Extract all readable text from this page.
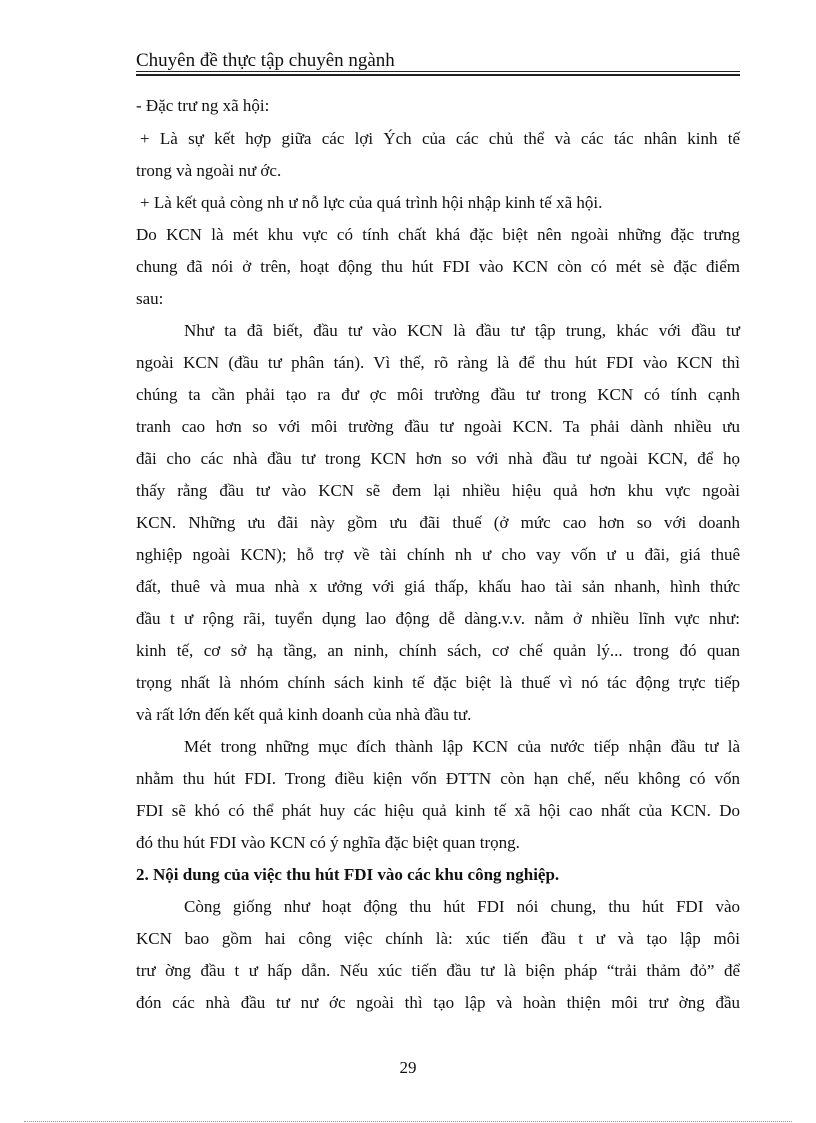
Chuyên đề thực tập chuyên ngành
- Đặc trư ng xã hội:
+ Là sự kết hợp giữa các lợi Ých của các chủ thể và các tác nhân kinh tế
trong và ngoài nư ớc.
+ Là kết quả còng nh ư nỗ lực của quá trình hội nhập kinh tế xã hội.
Do KCN là mét khu vực có tính chất khá đặc biệt nên ngoài những đặc trưng
chung đã nói ở trên, hoạt động thu hút FDI vào KCN còn có mét sè đặc điểm
sau:
Như ta đã biết, đầu tư vào KCN là đầu tư tập trung, khác với đầu tư
ngoài KCN (đầu tư phân tán). Vì thế, rõ ràng là để thu hút FDI vào KCN thì
chúng ta cần phải tạo ra đư ợc môi trường đầu tư trong KCN có tính cạnh
tranh cao hơn so với môi trường đầu tư ngoài KCN. Ta phải dành nhiều ưu
đãi cho các nhà đầu tư trong KCN hơn so với nhà đầu tư ngoài KCN, để họ
thấy rằng đầu tư vào KCN sẽ đem lại nhiều hiệu quả hơn khu vực ngoài
KCN. Những ưu đãi này gồm ưu đãi thuế (ở mức cao hơn so với doanh
nghiệp ngoài KCN); hỗ trợ về tài chính nh ư cho vay vốn ư u đãi, giá thuê
đất, thuê và mua nhà x ưởng với giá thấp, khấu hao tài sản nhanh, hình thức
đầu t ư rộng rãi, tuyển dụng lao động dễ dàng.v.v. nằm ở nhiều lĩnh vực như:
kinh tế, cơ sở hạ tầng, an ninh, chính sách, cơ chế quản lý... trong đó quan
trọng nhất là nhóm chính sách kinh tế đặc biệt là thuế vì nó tác động trực tiếp
và rất lớn đến kết quả kinh doanh của nhà đầu tư.
Mét trong những mục đích thành lập KCN của nước tiếp nhận đầu tư là
nhằm thu hút FDI. Trong điều kiện vốn ĐTTN còn hạn chế, nếu không có vốn
FDI sẽ khó có thể phát huy các hiệu quả kinh tế xã hội cao nhất của KCN. Do
đó thu hút FDI vào KCN có ý nghĩa đặc biệt quan trọng.
2. Nội dung của việc thu hút FDI vào các khu công nghiệp.
Còng giống như hoạt động thu hút FDI nói chung, thu hút FDI vào
KCN bao gồm hai công việc chính là: xúc tiến đầu t ư và tạo lập môi
trư ờng đầu t ư hấp dẫn. Nếu xúc tiến đầu tư là biện pháp “trải thảm đỏ” để
đón các nhà đầu tư nư ớc ngoài thì tạo lập và hoàn thiện môi trư ờng đầu
29
